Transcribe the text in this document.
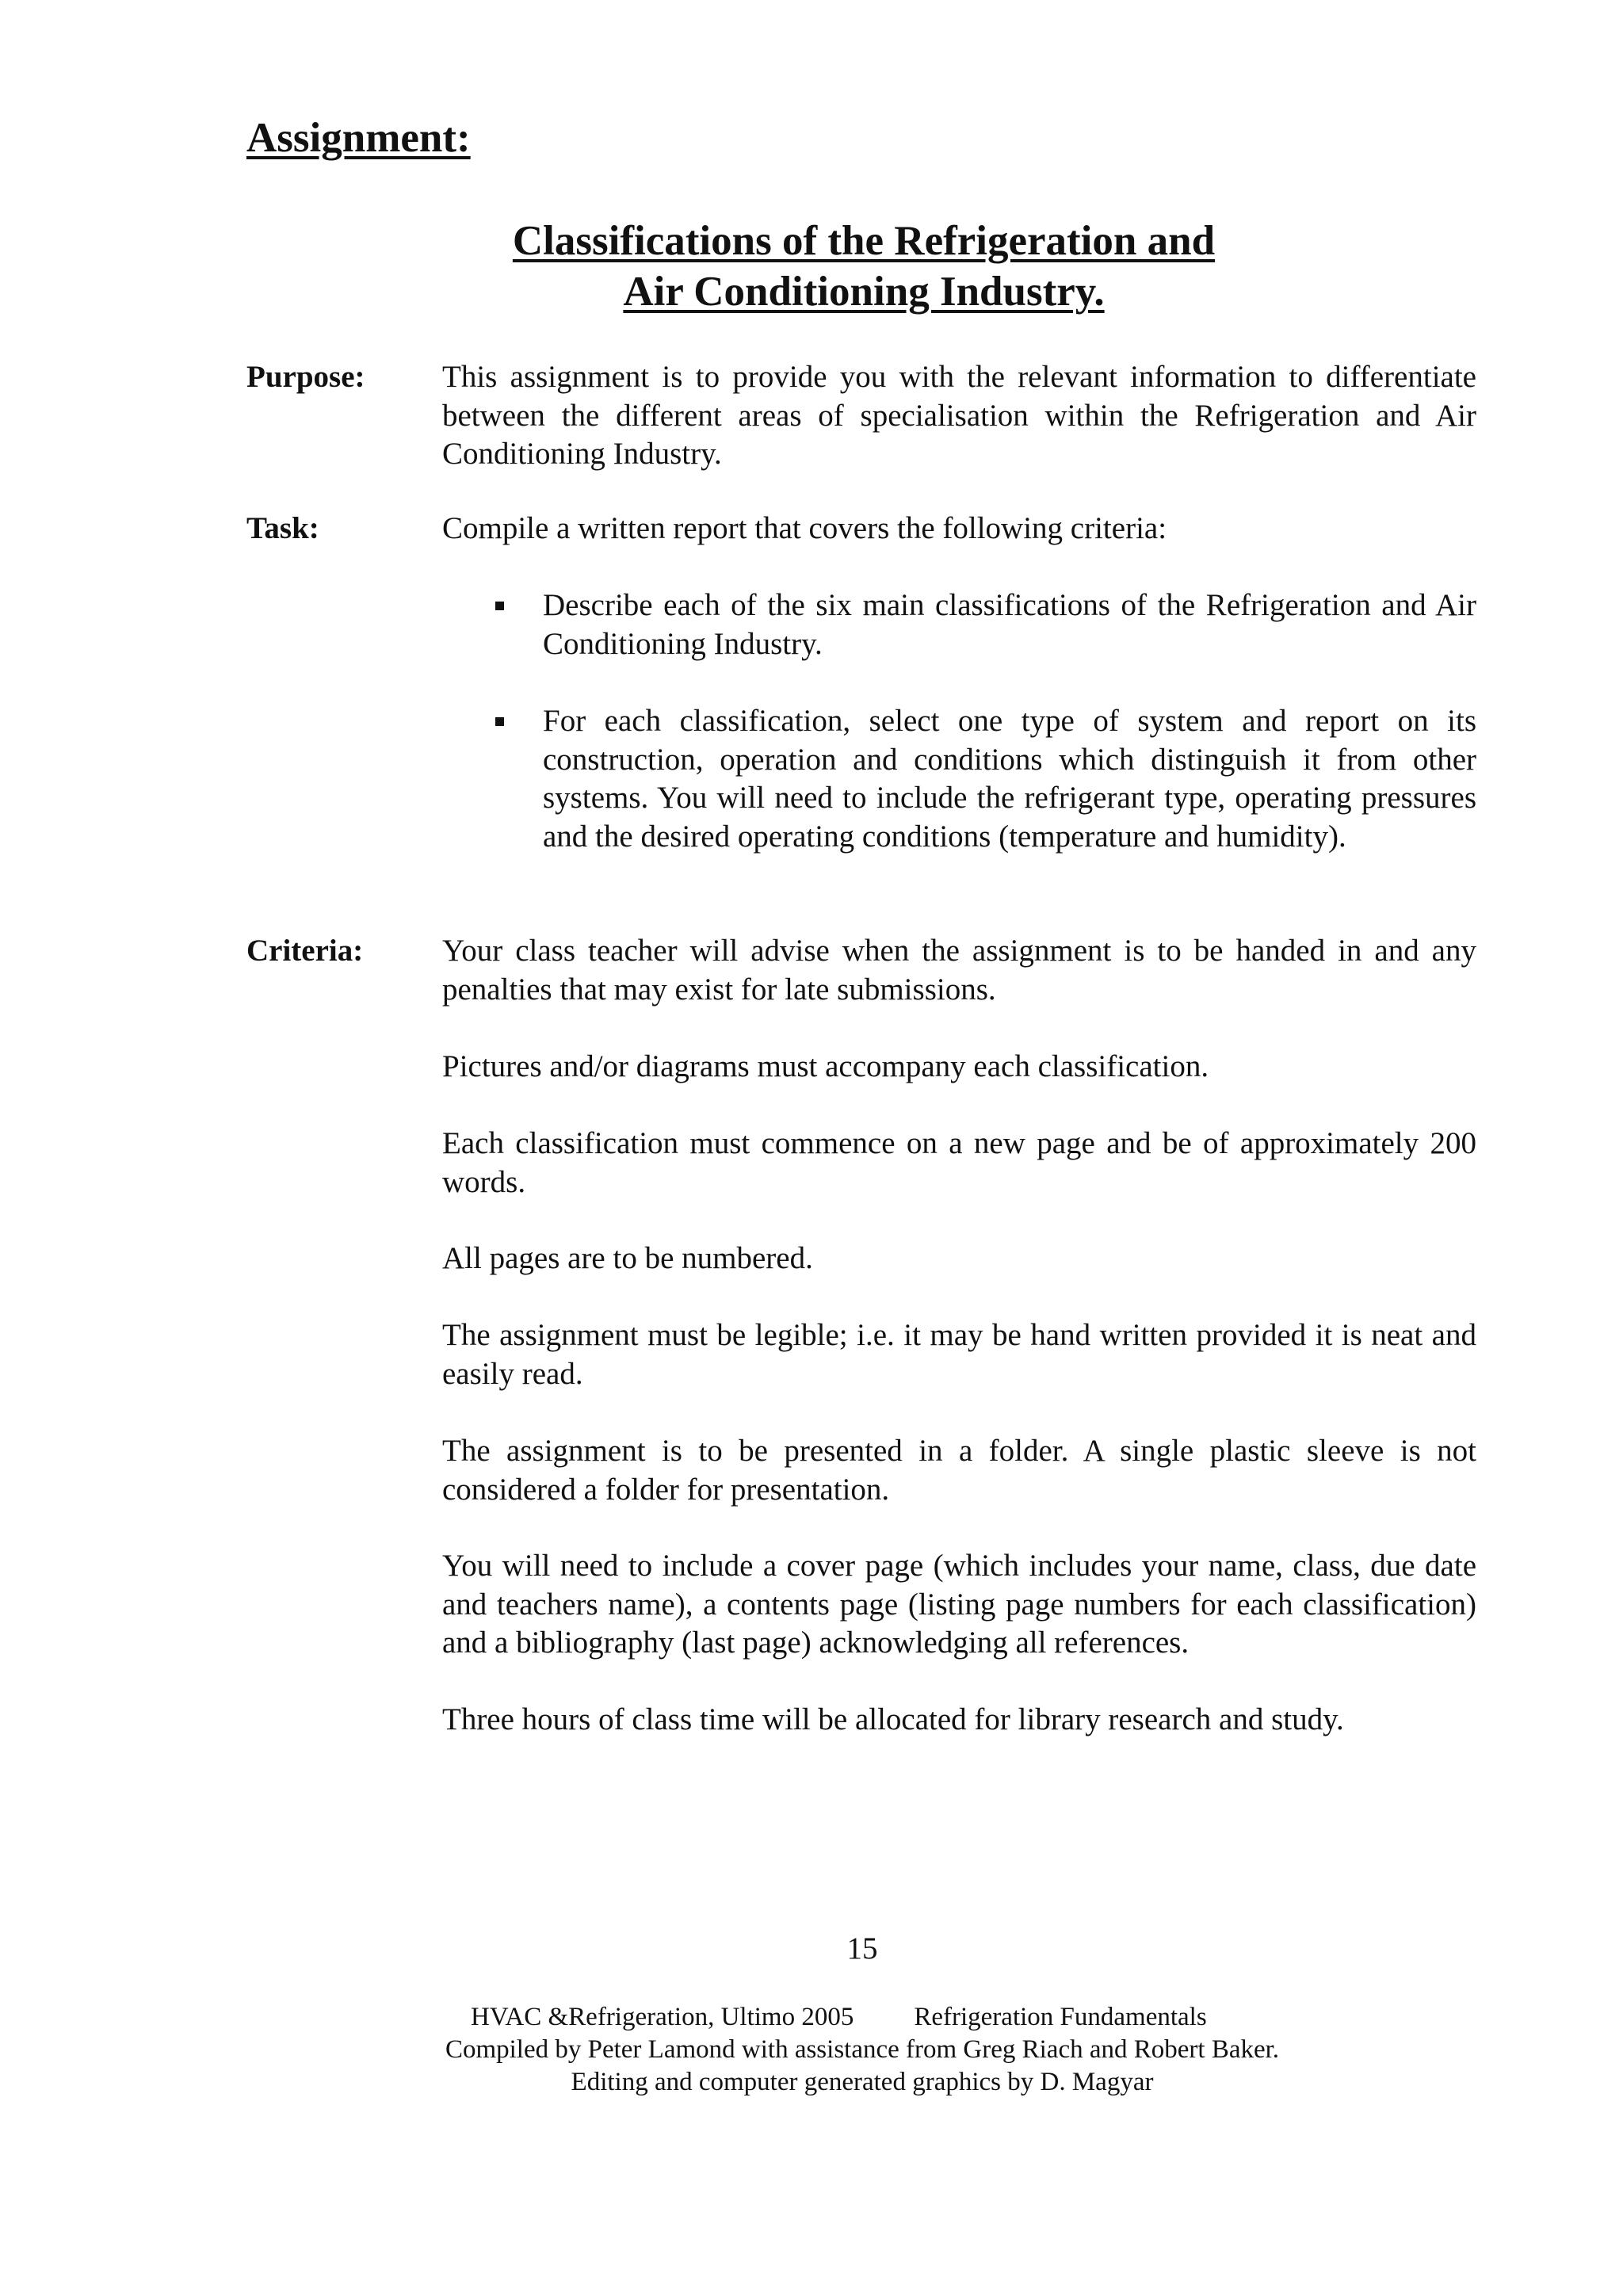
Assignment:
Classifications of the Refrigeration and
Air Conditioning Industry.

Purpose:	This assignment is to provide you with the relevant information to differentiate between the different areas of specialisation within the Refrigeration and Air Conditioning Industry.

Task:	Compile a written report that covers the following criteria:

Describe each of the six main classifications of the Refrigeration and Air Conditioning Industry.

For each classification, select one type of system and report on its construction, operation and conditions which distinguish it from other systems. You will need to include the refrigerant type, operating pressures and the desired operating conditions (temperature and humidity).

Criteria:	Your class teacher will advise when the assignment is to be handed in and any penalties that may exist for late submissions.

Pictures and/or diagrams must accompany each classification.

Each classification must commence on a new page and be of approximately 200 words.

All pages are to be numbered.

The assignment must be legible; i.e. it may be hand written provided it is neat and easily read.

The assignment is to be presented in a folder. A single plastic sleeve is not considered a folder for presentation.

You will need to include a cover page (which includes your name, class, due date and teachers name), a contents page (listing page numbers for each classification) and a bibliography (last page) acknowledging all references.

Three hours of class time will be allocated for library research and study.

15

HVAC &Refrigeration, Ultimo 2005 Refrigeration Fundamentals

Compiled by Peter Lamond with assistance from Greg Riach and Robert Baker.

Editing and computer generated graphics by D. Magyar
